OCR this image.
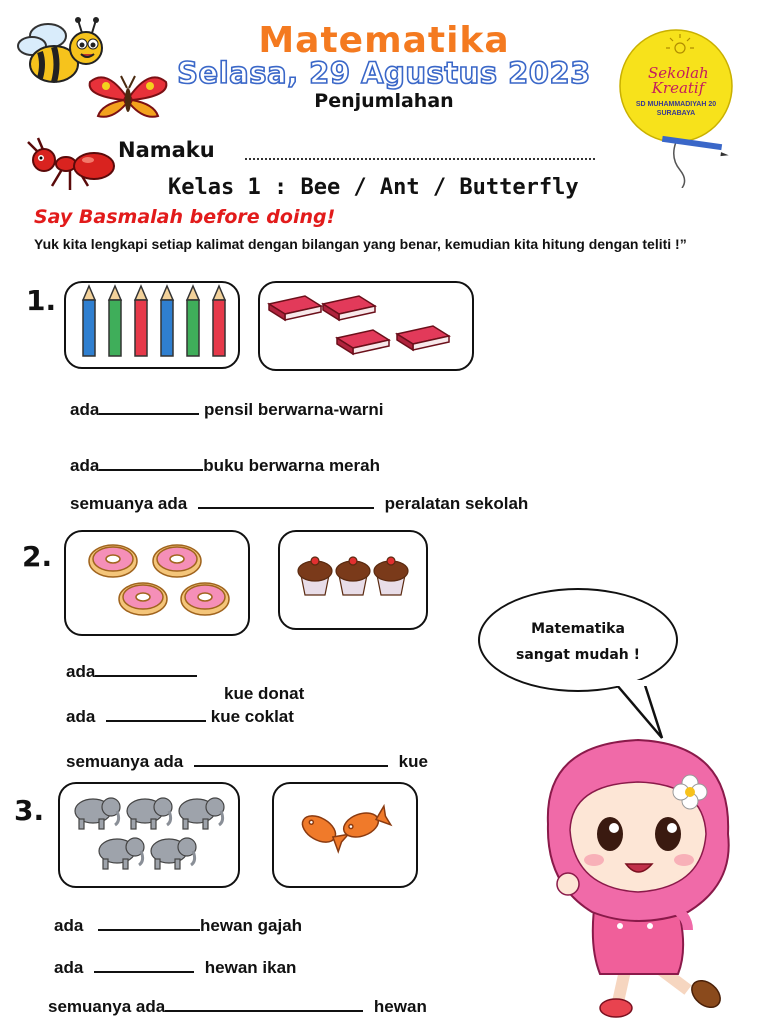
Matematika
Selasa, 29 Agustus 2023
Penjumlahan
Sekolah
Kreatif
SD MUHAMMADIYAH 20
SURABAYA
Namaku
Kelas 1 : Bee / Ant / Butterfly
Say Basmalah before doing!
Yuk kita lengkapi setiap kalimat dengan bilangan yang benar, kemudian kita hitung dengan teliti !”
1.
ada	pensil berwarna-warni
ada	buku berwarna merah
semuanya ada	peralatan sekolah
2.
ada
kue donat
ada	kue coklat
semuanya ada	kue
3.
ada	hewan gajah
ada	hewan ikan
semuanya ada	hewan
Matematika
sangat mudah !
